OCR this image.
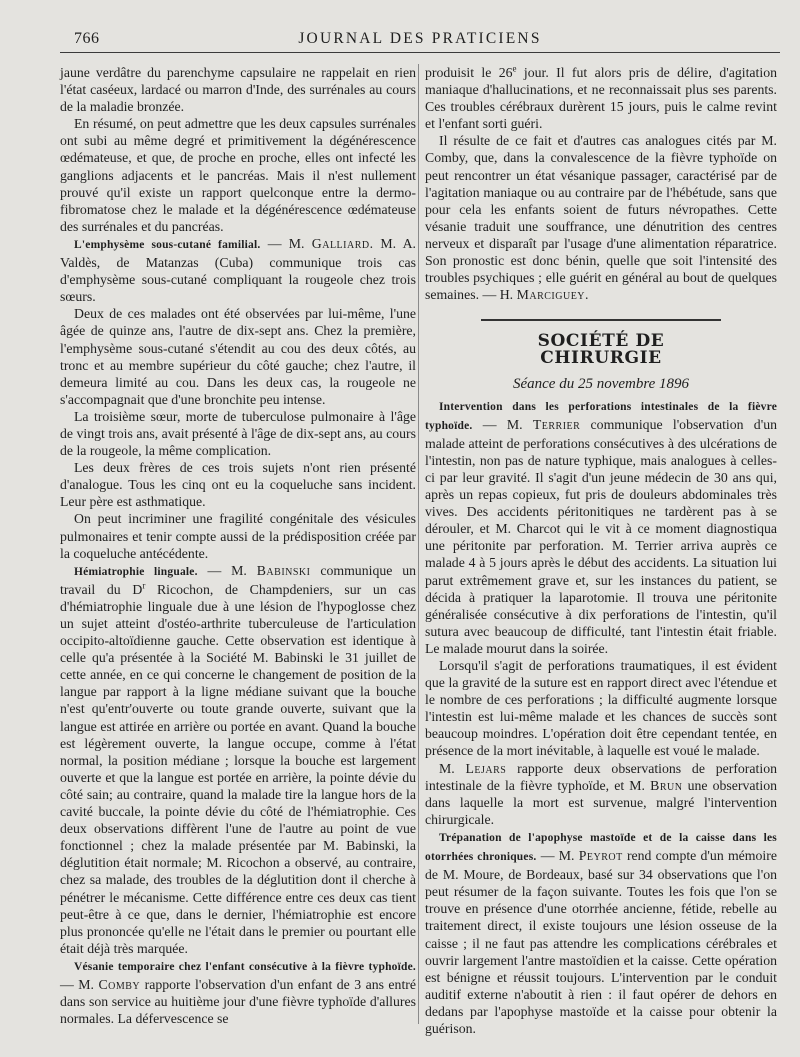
766	JOURNAL DES PRATICIENS

jaune verdâtre du parenchyme capsulaire ne rappelait en rien l'état caséeux, lardacé ou marron d'Inde, des surrénales au cours de la maladie bronzée.

En résumé, on peut admettre que les deux capsules surrénales ont subi au même degré et primitivement la dégénérescence œdémateuse, et que, de proche en proche, elles ont infecté les ganglions adjacents et le pancréas. Mais il n'est nullement prouvé qu'il existe un rapport quelconque entre la dermo-fibromatose chez le malade et la dégénérescence œdémateuse des surrénales et du pancréas.

L'emphysème sous-cutané familial. — M. Galliard. M. A. Valdès, de Matanzas (Cuba) communique trois cas d'emphysème sous-cutané compliquant la rougeole chez trois sœurs.

Deux de ces malades ont été observées par lui-même, l'une âgée de quinze ans, l'autre de dix-sept ans. Chez la première, l'emphysème sous-cutané s'étendit au cou des deux côtés, au tronc et au membre supérieur du côté gauche; chez l'autre, il demeura limité au cou. Dans les deux cas, la rougeole ne s'accompagnait que d'une bronchite peu intense.

La troisième sœur, morte de tuberculose pulmonaire à l'âge de vingt trois ans, avait présenté à l'âge de dix-sept ans, au cours de la rougeole, la même complication.

Les deux frères de ces trois sujets n'ont rien présenté d'analogue. Tous les cinq ont eu la coqueluche sans incident. Leur père est asthmatique.

On peut incriminer une fragilité congénitale des vésicules pulmonaires et tenir compte aussi de la prédisposition créée par la coqueluche antécédente.

Hémiatrophie linguale. — M. Babinski communique un travail du $D^r$ Ricochon, de Champdeniers, sur un cas d'hémiatrophie linguale due à une lésion de l'hypoglosse chez un sujet atteint d'ostéo-arthrite tuberculeuse de l'articulation occipito-altoïdienne gauche. Cette observation est identique à celle qu'a présentée à la Société M. Babinski le 31 juillet de cette année, en ce qui concerne le changement de position de la langue par rapport à la ligne médiane suivant que la bouche n'est qu'entr'ouverte ou toute grande ouverte, suivant que la langue est attirée en arrière ou portée en avant. Quand la bouche est légèrement ouverte, la langue occupe, comme à l'état normal, la position médiane ; lorsque la bouche est largement ouverte et que la langue est portée en arrière, la pointe dévie du côté sain; au contraire, quand la malade tire la langue hors de la cavité buccale, la pointe dévie du côté de l'hémiatrophie. Ces deux observations diffèrent l'une de l'autre au point de vue fonctionnel ; chez la malade présentée par M. Babinski, la déglutition était normale; M. Ricochon a observé, au contraire, chez sa malade, des troubles de la déglutition dont il cherche à pénétrer le mécanisme. Cette différence entre ces deux cas tient peut-être à ce que, dans le dernier, l'hémiatrophie est encore plus prononcée qu'elle ne l'était dans le premier ou pourtant elle était déjà très marquée.

Vésanie temporaire chez l'enfant consécutive à la fièvre typhoïde. — M. Comby rapporte l'observation d'un enfant de 3 ans entré dans son service au huitième jour d'une fièvre typhoïde d'allures normales. La défervescence se

produisit le 26e jour. Il fut alors pris de délire, d'agitation maniaque d'hallucinations, et ne reconnaissait plus ses parents. Ces troubles cérébraux durèrent 15 jours, puis le calme revint et l'enfant sorti guéri.

Il résulte de ce fait et d'autres cas analogues cités par M. Comby, que, dans la convalescence de la fièvre typhoïde on peut rencontrer un état vésanique passager, caractérisé par de l'agitation maniaque ou au contraire par de l'hébétude, sans que pour cela les enfants soient de futurs névropathes. Cette vésanie traduit une souffrance, une dénutrition des centres nerveux et disparaît par l'usage d'une alimentation réparatrice. Son pronostic est donc bénin, quelle que soit l'intensité des troubles psychiques ; elle guérit en général au bout de quelques semaines. — H. Marciguey.

SOCIÉTÉ DE CHIRURGIE
Séance du 25 novembre 1896

Intervention dans les perforations intestinales de la fièvre typhoïde. — M. Terrier communique l'observation d'un malade atteint de perforations consécutives à des ulcérations de l'intestin, non pas de nature typhique, mais analogues à celles-ci par leur gravité. Il s'agit d'un jeune médecin de 30 ans qui, après un repas copieux, fut pris de douleurs abdominales très vives. Des accidents péritonitiques ne tardèrent pas à se dérouler, et M. Charcot qui le vit à ce moment diagnostiqua une péritonite par perforation. M. Terrier arriva auprès ce malade 4 à 5 jours après le début des accidents. La situation lui parut extrêmement grave et, sur les instances du patient, se décida à pratiquer la laparotomie. Il trouva une péritonite généralisée consécutive à dix perforations de l'intestin, qu'il sutura avec beaucoup de difficulté, tant l'intestin était friable. Le malade mourut dans la soirée.

Lorsqu'il s'agit de perforations traumatiques, il est évident que la gravité de la suture est en rapport direct avec l'étendue et le nombre de ces perforations ; la difficulté augmente lorsque l'intestin est lui-même malade et les chances de succès sont beaucoup moindres. L'opération doit être cependant tentée, en présence de la mort inévitable, à laquelle est voué le malade.

M. Lejars rapporte deux observations de perforation intestinale de la fièvre typhoïde, et M. Brun une observation dans laquelle la mort est survenue, malgré l'intervention chirurgicale.

Trépanation de l'apophyse mastoïde et de la caisse dans les otorrhées chroniques. — M. Peyrot rend compte d'un mémoire de M. Moure, de Bordeaux, basé sur 34 observations que l'on peut résumer de la façon suivante. Toutes les fois que l'on se trouve en présence d'une otorrhée ancienne, fétide, rebelle au traitement direct, il existe toujours une lésion osseuse de la caisse ; il ne faut pas attendre les complications cérébrales et ouvrir largement l'antre mastoïdien et la caisse. Cette opération est bénigne et réussit toujours. L'intervention par le conduit auditif externe n'aboutit à rien : il faut opérer de dehors en dedans par l'apophyse mastoïde et la caisse pour obtenir la guérison.
